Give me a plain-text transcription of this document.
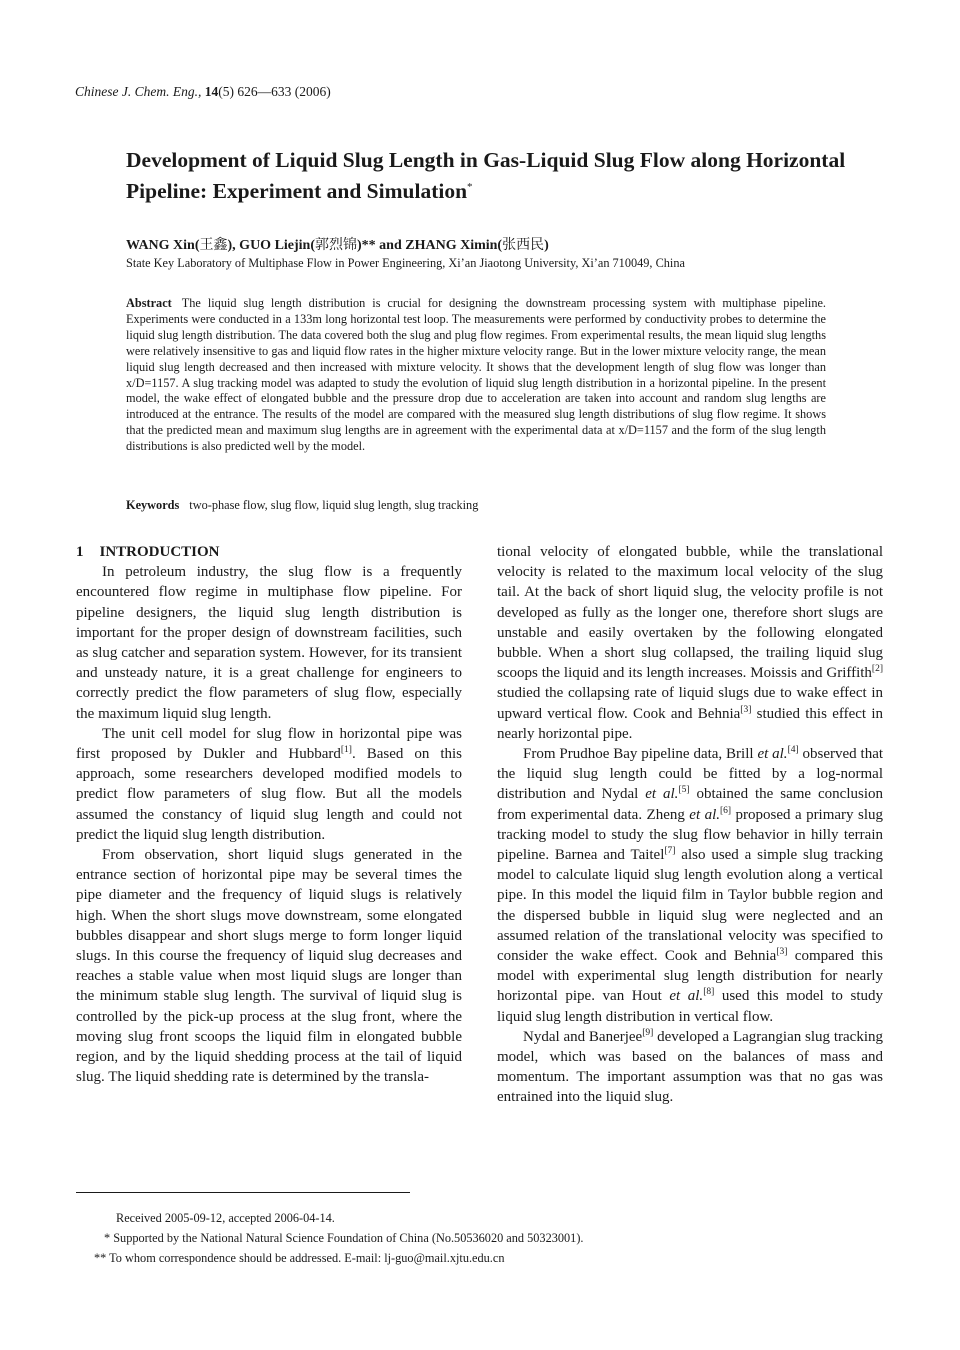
Chinese J. Chem. Eng., 14(5) 626—633 (2006)
Development of Liquid Slug Length in Gas-Liquid Slug Flow along Horizontal Pipeline: Experiment and Simulation*
WANG Xin(王鑫), GUO Liejin(郭烈锦)** and ZHANG Ximin(张西民)
State Key Laboratory of Multiphase Flow in Power Engineering, Xi’an Jiaotong University, Xi’an 710049, China
Abstract The liquid slug length distribution is crucial for designing the downstream processing system with multiphase pipeline. Experiments were conducted in a 133m long horizontal test loop. The measurements were performed by conductivity probes to determine the liquid slug length distribution. The data covered both the slug and plug flow regimes. From experimental results, the mean liquid slug lengths were relatively insensitive to gas and liquid flow rates in the higher mixture velocity range. But in the lower mixture velocity range, the mean liquid slug length decreased and then increased with mixture velocity. It shows that the development length of slug flow was longer than x/D=1157. A slug tracking model was adapted to study the evolution of liquid slug length distribution in a horizontal pipeline. In the present model, the wake effect of elongated bubble and the pressure drop due to acceleration are taken into account and random slug lengths are introduced at the entrance. The results of the model are compared with the measured slug length distributions of slug flow regime. It shows that the predicted mean and maximum slug lengths are in agreement with the experimental data at x/D=1157 and the form of the slug length distributions is also predicted well by the model.
Keywords two-phase flow, slug flow, liquid slug length, slug tracking
1 INTRODUCTION

In petroleum industry, the slug flow is a frequently encountered flow regime in multiphase flow pipeline. For pipeline designers, the liquid slug length distribution is important for the proper design of downstream facilities, such as slug catcher and separation system. However, for its transient and unsteady nature, it is a great challenge for engineers to correctly predict the flow parameters of slug flow, especially the maximum liquid slug length.

The unit cell model for slug flow in horizontal pipe was first proposed by Dukler and Hubbard[1]. Based on this approach, some researchers developed modified models to predict flow parameters of slug flow. But all the models assumed the constancy of liquid slug length and could not predict the liquid slug length distribution.

From observation, short liquid slugs generated in the entrance section of horizontal pipe may be several times the pipe diameter and the frequency of liquid slugs is relatively high. When the short slugs move downstream, some elongated bubbles disappear and short slugs merge to form longer liquid slugs. In this course the frequency of liquid slug decreases and reaches a stable value when most liquid slugs are longer than the minimum stable slug length. The survival of liquid slug is controlled by the pick-up process at the slug front, where the moving slug front scoops the liquid film in elongated bubble region, and by the liquid shedding process at the tail of liquid slug. The liquid shedding rate is determined by the transla-

tional velocity of elongated bubble, while the translational velocity is related to the maximum local velocity of the slug tail. At the back of short liquid slug, the velocity profile is not developed as fully as the longer one, therefore short slugs are unstable and easily overtaken by the following elongated bubble. When a short slug collapsed, the trailing liquid slug scoops the liquid and its length increases. Moissis and Griffith[2] studied the collapsing rate of liquid slugs due to wake effect in upward vertical flow. Cook and Behnia[3] studied this effect in nearly horizontal pipe.

From Prudhoe Bay pipeline data, Brill et al.[4] observed that the liquid slug length could be fitted by a log-normal distribution and Nydal et al.[5] obtained the same conclusion from experimental data. Zheng et al.[6] proposed a primary slug tracking model to study the slug flow behavior in hilly terrain pipeline. Barnea and Taitel[7] also used a simple slug tracking model to calculate liquid slug length evolution along a vertical pipe. In this model the liquid film in Taylor bubble region and the dispersed bubble in liquid slug were neglected and an assumed relation of the translational velocity was specified to consider the wake effect. Cook and Behnia[3] compared this model with experimental slug length distribution for nearly horizontal pipe. van Hout et al.[8] used this model to study liquid slug length distribution in vertical flow.

Nydal and Banerjee[9] developed a Lagrangian slug tracking model, which was based on the balances of mass and momentum. The important assumption was that no gas was entrained into the liquid slug.

Received 2005-09-12, accepted 2006-04-14.
* Supported by the National Natural Science Foundation of China (No.50536020 and 50323001).
** To whom correspondence should be addressed. E-mail: lj-guo@mail.xjtu.edu.cn
